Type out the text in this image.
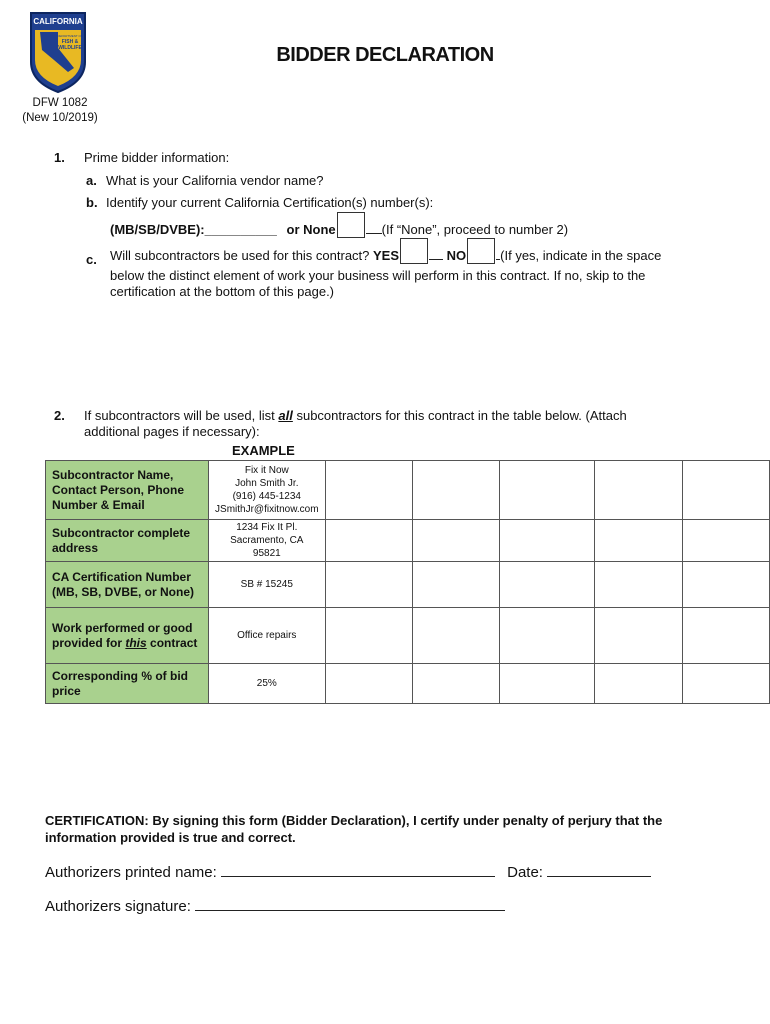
CALIFORNIA
DEPARTMENT OF
FISH &
WILDLIFE	BIDDER DECLARATION
DFW 1082
(New 10/2019)
1. Prime bidder information:
a. What is your California vendor name?
b. Identify your current California Certification(s) number(s):
(MB/SB/DVBE):__________ or None	(If “None”, proceed to number 2)
c. Will subcontractors be used for this contract? YES	NO	(If yes, indicate in the space
below the distinct element of work your business will perform in this contract. If no, skip to the
certification at the bottom of this page.)
2. If subcontractors will be used, list all subcontractors for this contract in the table below. (Attach
additional pages if necessary):
EXAMPLE
Subcontractor Name, Contact Person, Phone Number & Email	Fix it Now
John Smith Jr.
(916) 445-1234
JSmithJr@fixitnow.com					

Subcontractor complete address	1234 Fix It Pl.
Sacramento, CA
95821					

CA Certification Number (MB, SB, DVBE, or None)	SB # 15245					

Work performed or good provided for this contract	Office repairs					

Corresponding % of bid price	25%					

CERTIFICATION: By signing this form (Bidder Declaration), I certify under penalty of perjury that the information provided is true and correct.
Authorizers printed name:	Date:
Authorizers signature:
